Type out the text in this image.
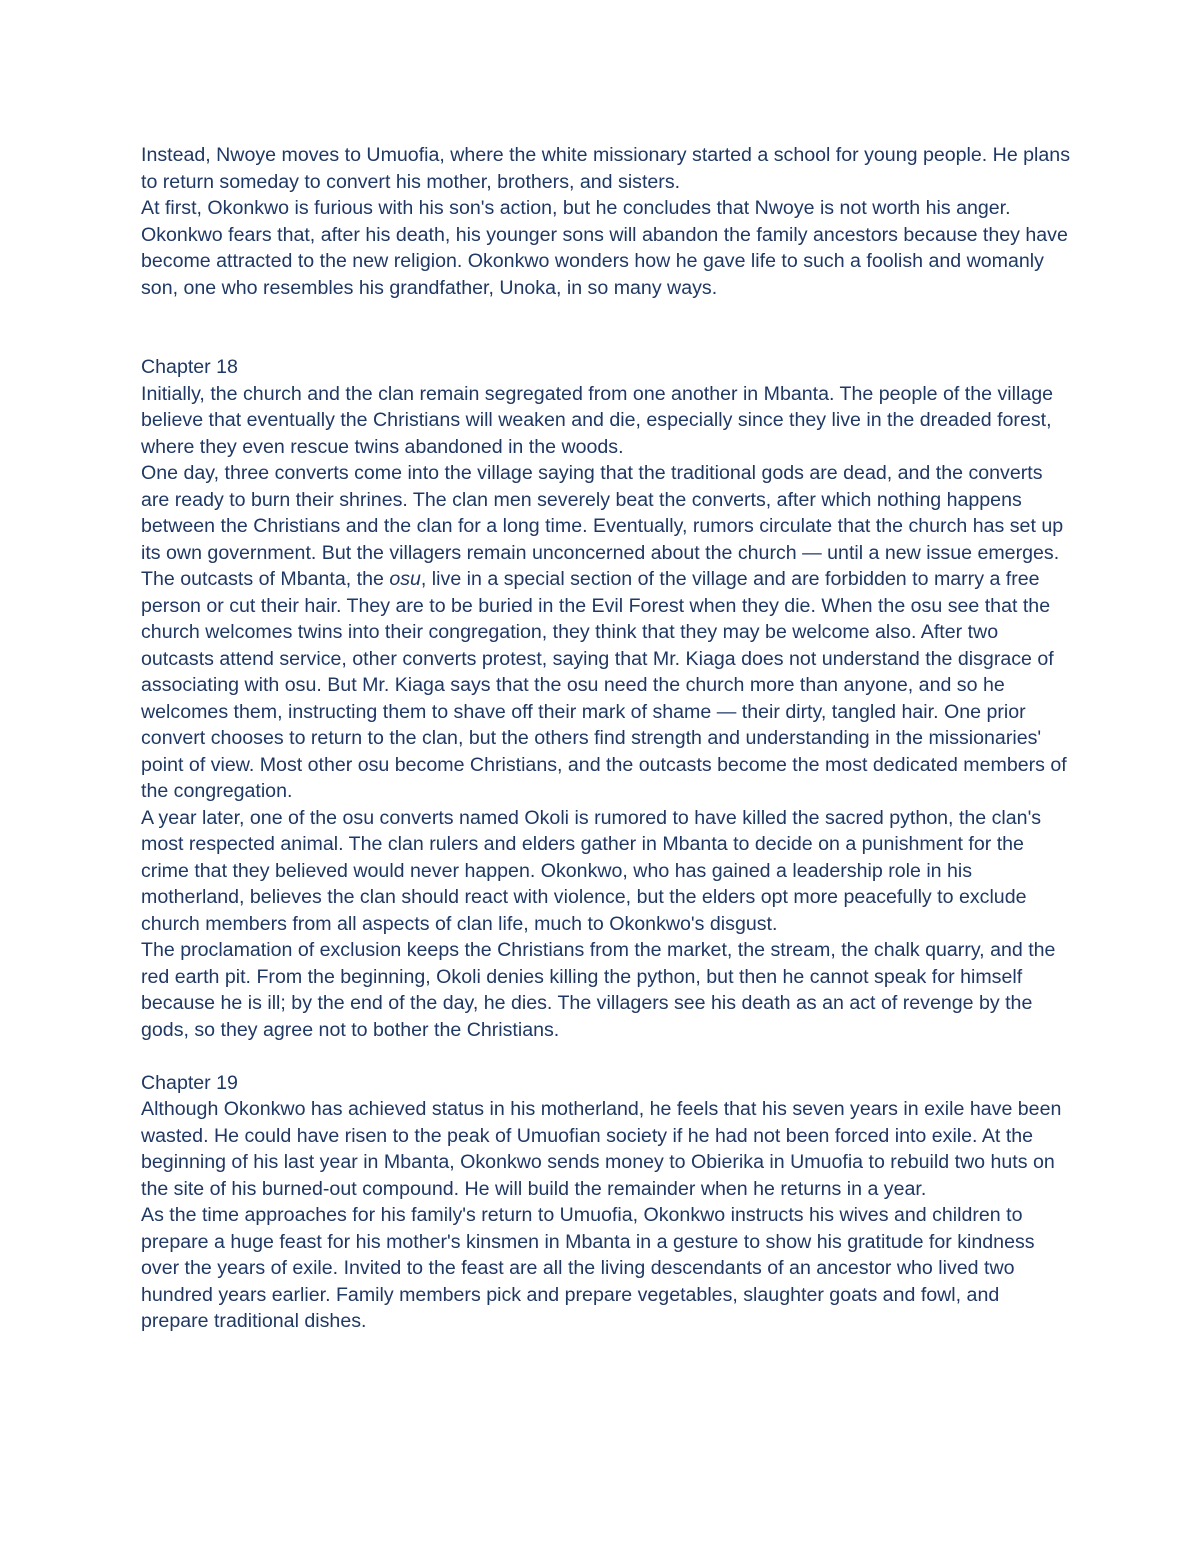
Instead, Nwoye moves to Umuofia, where the white missionary started a school for young people. He plans to return someday to convert his mother, brothers, and sisters.

At first, Okonkwo is furious with his son's action, but he concludes that Nwoye is not worth his anger. Okonkwo fears that, after his death, his younger sons will abandon the family ancestors because they have become attracted to the new religion. Okonkwo wonders how he gave life to such a foolish and womanly son, one who resembles his grandfather, Unoka, in so many ways.

Chapter 18

Initially, the church and the clan remain segregated from one another in Mbanta. The people of the village believe that eventually the Christians will weaken and die, especially since they live in the dreaded forest, where they even rescue twins abandoned in the woods.

One day, three converts come into the village saying that the traditional gods are dead, and the converts are ready to burn their shrines. The clan men severely beat the converts, after which nothing happens between the Christians and the clan for a long time. Eventually, rumors circulate that the church has set up its own government. But the villagers remain unconcerned about the church — until a new issue emerges.

The outcasts of Mbanta, the osu, live in a special section of the village and are forbidden to marry a free person or cut their hair. They are to be buried in the Evil Forest when they die. When the osu see that the church welcomes twins into their congregation, they think that they may be welcome also. After two outcasts attend service, other converts protest, saying that Mr. Kiaga does not understand the disgrace of associating with osu. But Mr. Kiaga says that the osu need the church more than anyone, and so he welcomes them, instructing them to shave off their mark of shame — their dirty, tangled hair. One prior convert chooses to return to the clan, but the others find strength and understanding in the missionaries' point of view. Most other osu become Christians, and the outcasts become the most dedicated members of the congregation.

A year later, one of the osu converts named Okoli is rumored to have killed the sacred python, the clan's most respected animal. The clan rulers and elders gather in Mbanta to decide on a punishment for the crime that they believed would never happen. Okonkwo, who has gained a leadership role in his motherland, believes the clan should react with violence, but the elders opt more peacefully to exclude church members from all aspects of clan life, much to Okonkwo's disgust.

The proclamation of exclusion keeps the Christians from the market, the stream, the chalk quarry, and the red earth pit. From the beginning, Okoli denies killing the python, but then he cannot speak for himself because he is ill; by the end of the day, he dies. The villagers see his death as an act of revenge by the gods, so they agree not to bother the Christians.

Chapter 19

Although Okonkwo has achieved status in his motherland, he feels that his seven years in exile have been wasted. He could have risen to the peak of Umuofian society if he had not been forced into exile. At the beginning of his last year in Mbanta, Okonkwo sends money to Obierika in Umuofia to rebuild two huts on the site of his burned-out compound. He will build the remainder when he returns in a year.

As the time approaches for his family's return to Umuofia, Okonkwo instructs his wives and children to prepare a huge feast for his mother's kinsmen in Mbanta in a gesture to show his gratitude for kindness over the years of exile. Invited to the feast are all the living descendants of an ancestor who lived two hundred years earlier. Family members pick and prepare vegetables, slaughter goats and fowl, and prepare traditional dishes.
